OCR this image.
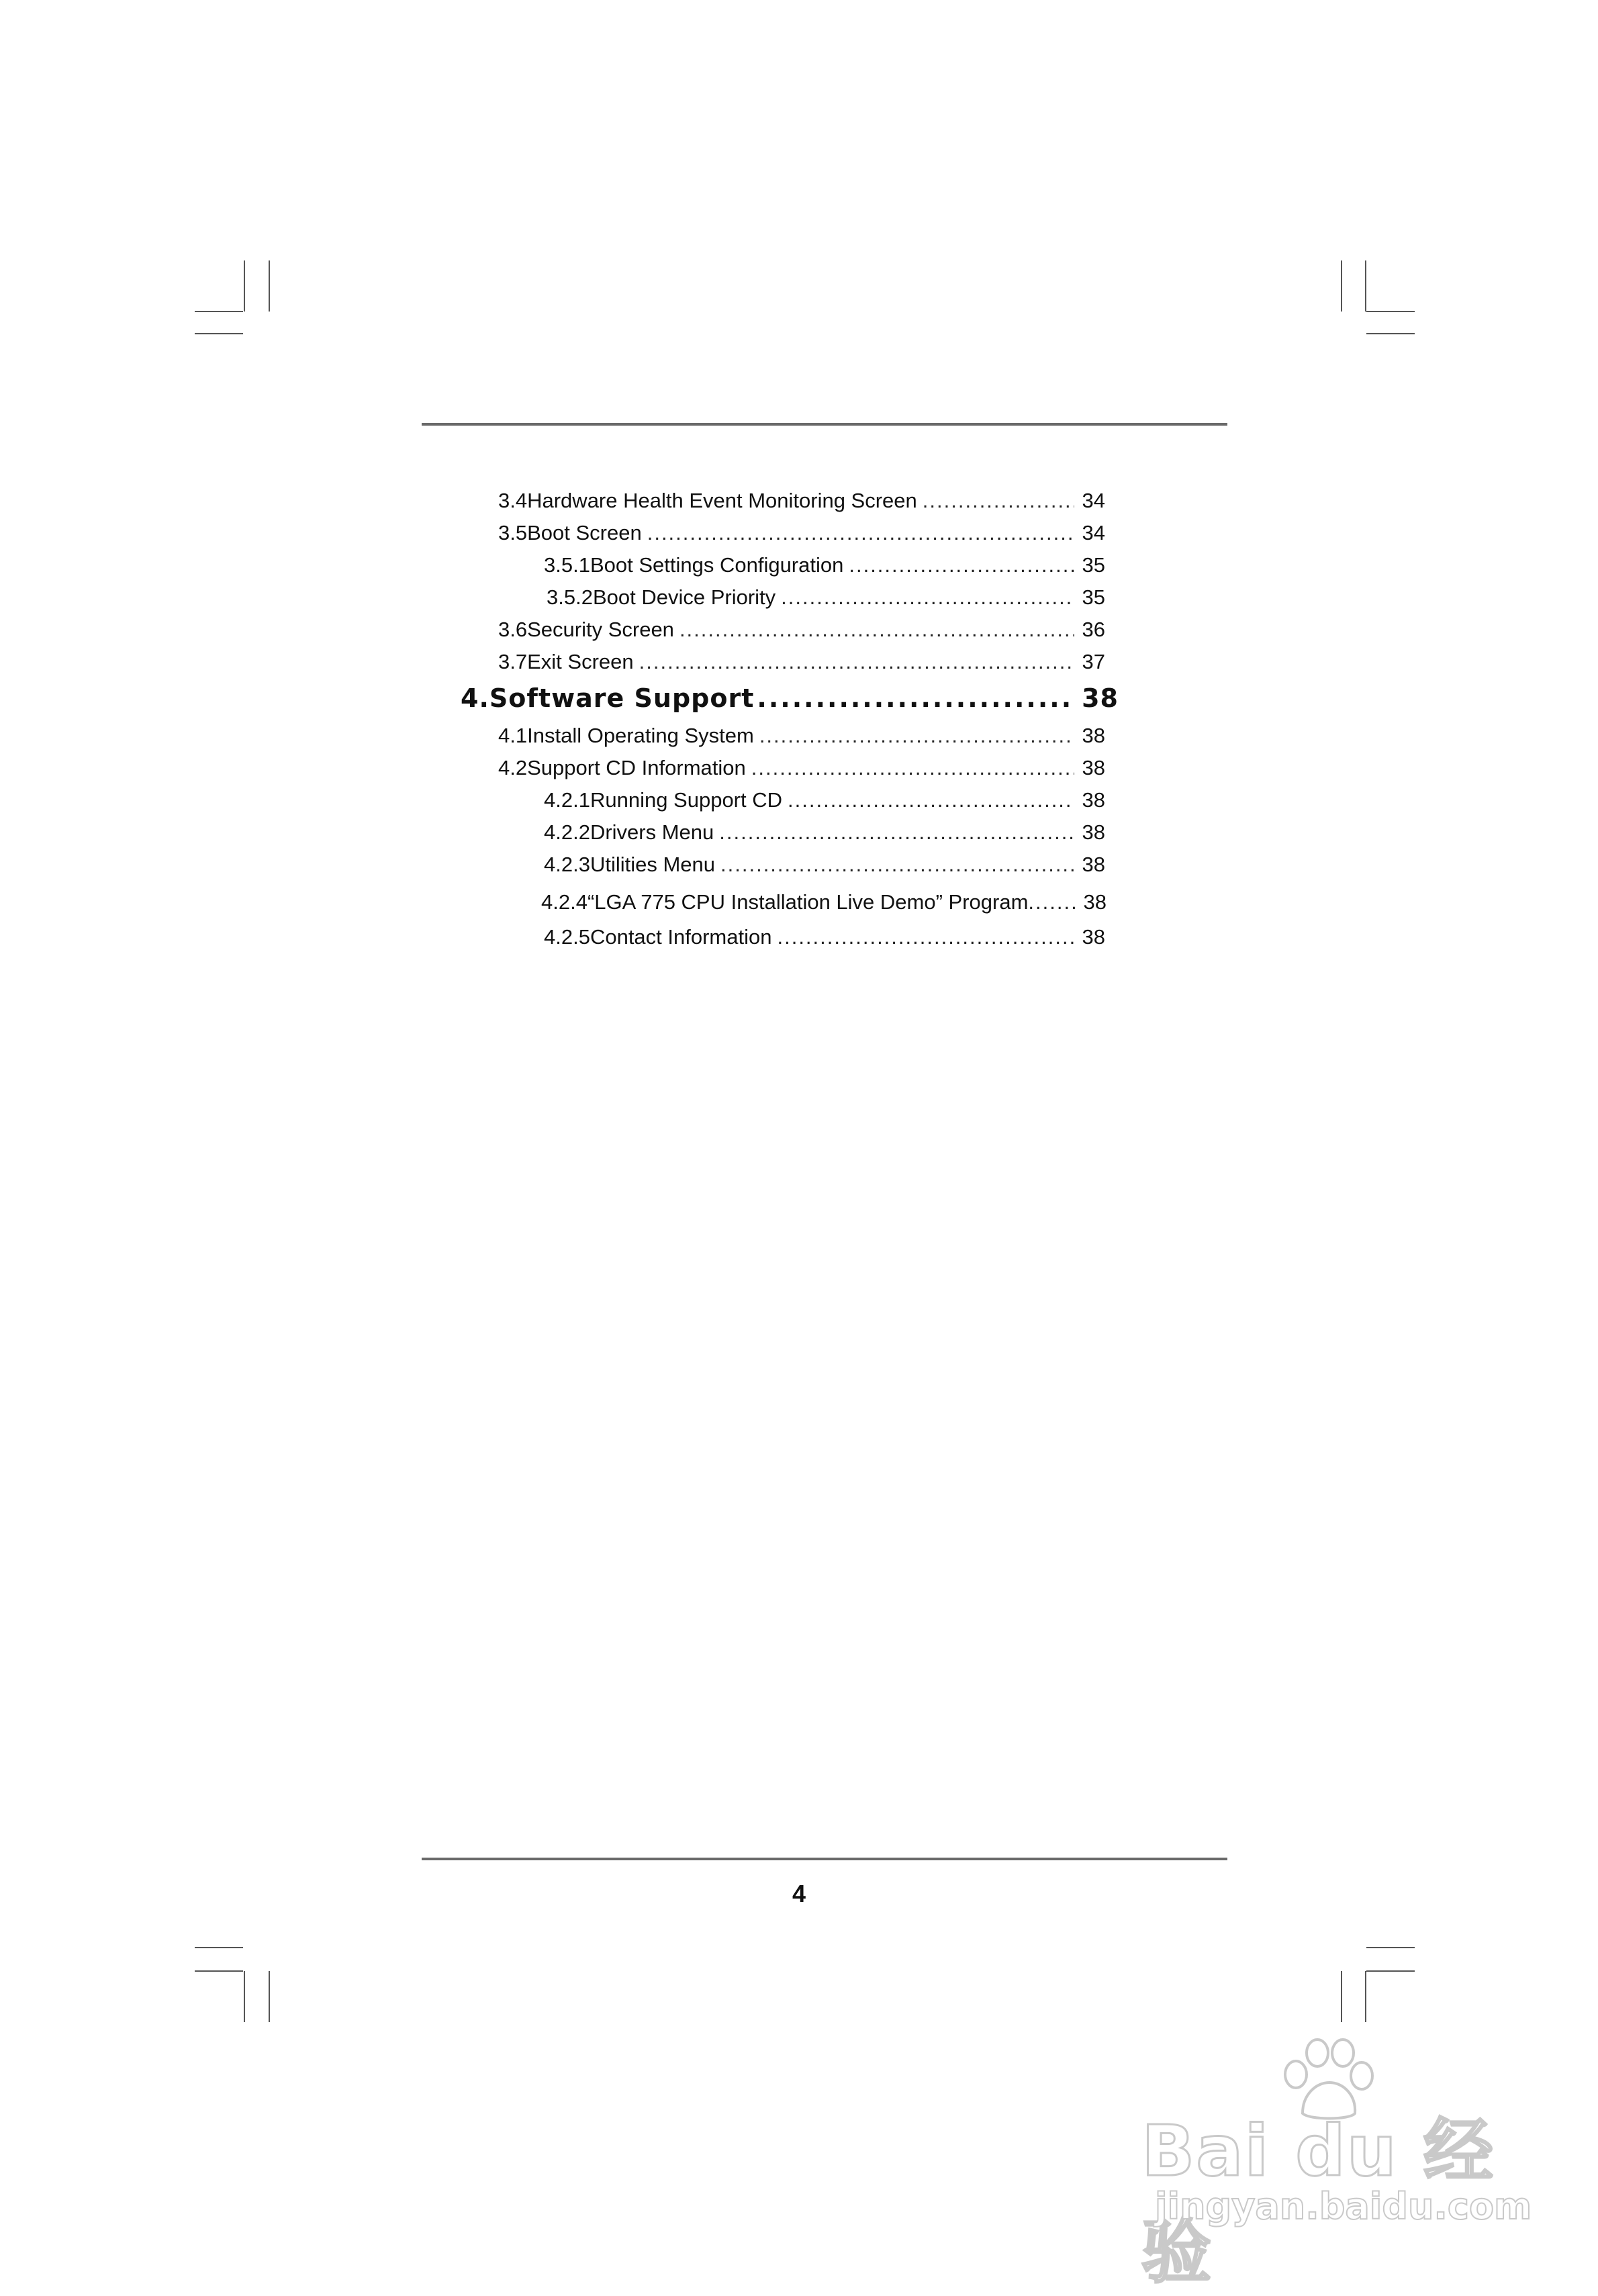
3.4 Hardware Health Event Monitoring Screen .....	34
3.5 Boot Screen .....	34
3.5.1 Boot Settings Configuration .....	35
3.5.2 Boot Device Priority .....	35
3.6 Security Screen .....	36
3.7 Exit Screen .....	37
4. Software Support .....	38
4.1 Install Operating System .....	38
4.2 Support CD Information .....	38
4.2.1 Running Support CD .....	38
4.2.2 Drivers Menu .....	38
4.2.3 Utilities Menu .....	38
4.2.4 “LGA 775 CPU Installation Live Demo” Program .....	38
4.2.5 Contact Information .....	38
4
Bai du 经验
jingyan.baidu.com
